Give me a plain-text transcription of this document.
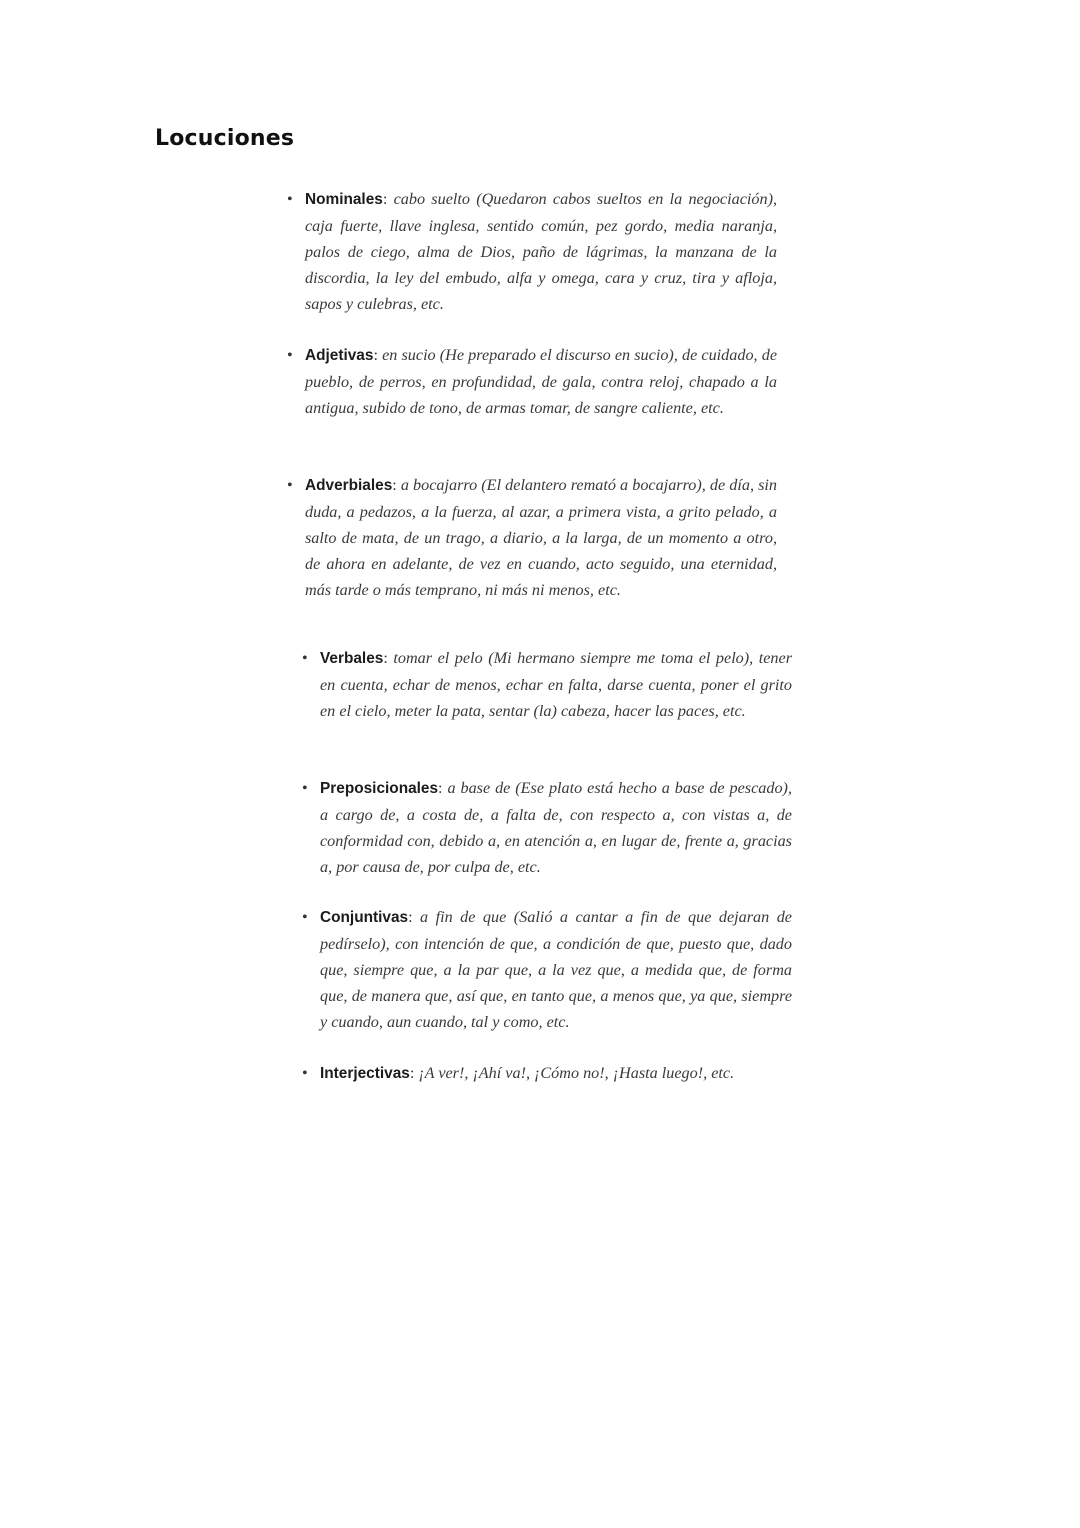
Locuciones
• Nominales: cabo suelto (Quedaron cabos sueltos en la negociación), caja fuerte, llave inglesa, sentido común, pez gordo, media naranja, palos de ciego, alma de Dios, paño de lágrimas, la manzana de la discordia, la ley del embudo, alfa y omega, cara y cruz, tira y afloja, sapos y culebras, etc.
• Adjetivas: en sucio (He preparado el discurso en sucio), de cuidado, de pueblo, de perros, en profundidad, de gala, contra reloj, chapado a la antigua, subido de tono, de armas tomar, de sangre caliente, etc.
• Adverbiales: a bocajarro (El delantero remató a bocajarro), de día, sin duda, a pedazos, a la fuerza, al azar, a primera vista, a grito pelado, a salto de mata, de un trago, a diario, a la larga, de un momento a otro, de ahora en adelante, de vez en cuando, acto seguido, una eternidad, más tarde o más temprano, ni más ni menos, etc.
• Verbales: tomar el pelo (Mi hermano siempre me toma el pelo), tener en cuenta, echar de menos, echar en falta, darse cuenta, poner el grito en el cielo, meter la pata, sentar (la) cabeza, hacer las paces, etc.
• Preposicionales: a base de (Ese plato está hecho a base de pescado), a cargo de, a costa de, a falta de, con respecto a, con vistas a, de conformidad con, debido a, en atención a, en lugar de, frente a, gracias a, por causa de, por culpa de, etc.
• Conjuntivas: a fin de que (Salió a cantar a fin de que dejaran de pedírselo), con intención de que, a condición de que, puesto que, dado que, siempre que, a la par que, a la vez que, a medida que, de forma que, de manera que, así que, en tanto que, a menos que, ya que, siempre y cuando, aun cuando, tal y como, etc.
• Interjectivas: ¡A ver!, ¡Ahí va!, ¡Cómo no!, ¡Hasta luego!, etc.
